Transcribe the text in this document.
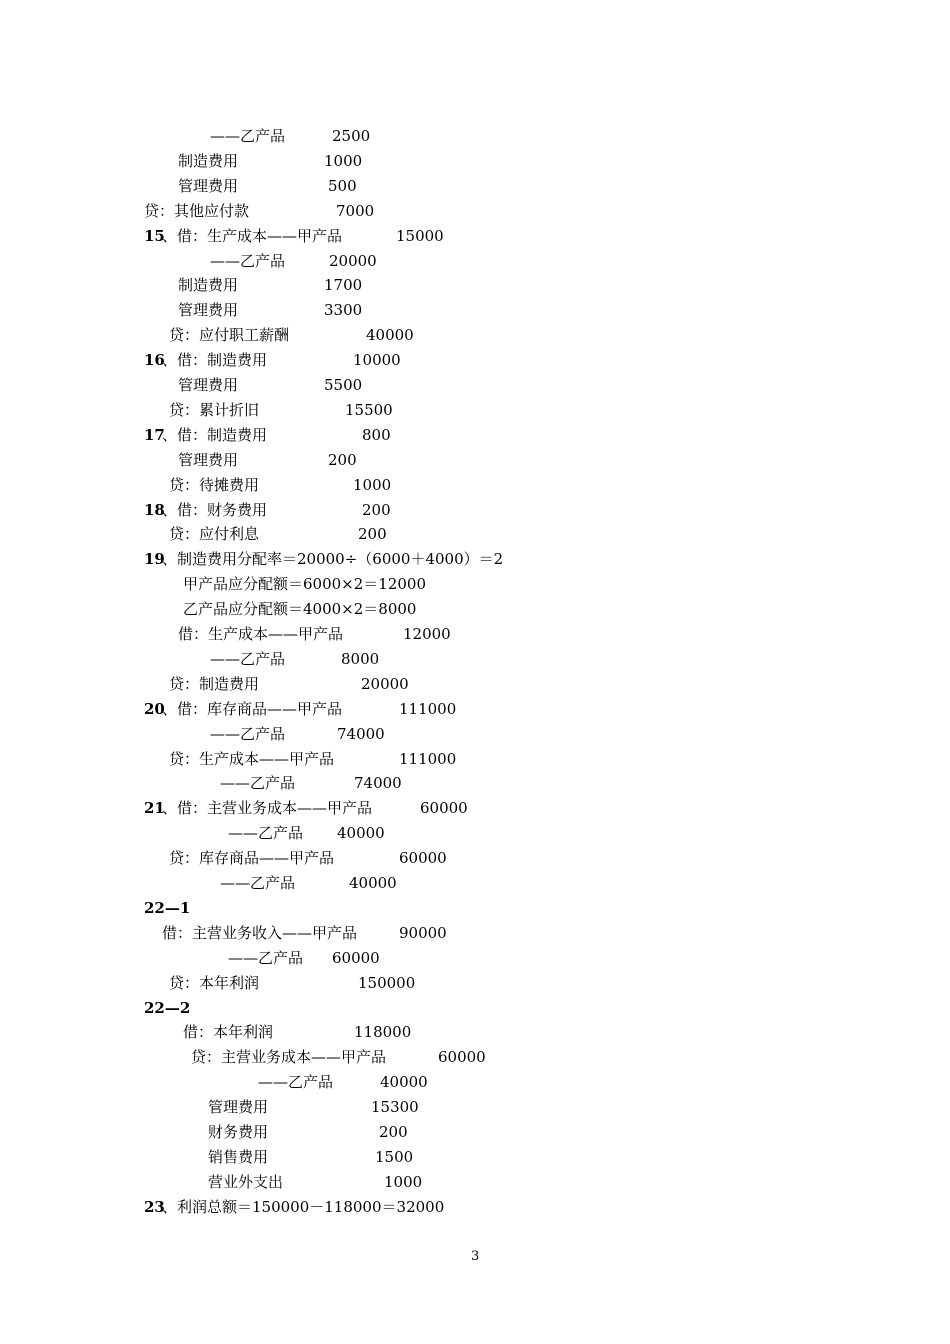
——乙产品	2500
制造费用	1000
管理费用	500
贷：其他应付款	7000
15
、借：生产成本——甲产品	15000
——乙产品	20000
制造费用	1700
管理费用	3300
贷：应付职工薪酬	40000
16
、借：制造费用	10000
管理费用	5500
贷：累计折旧	15500
17
、借：制造费用	800
管理费用	200
贷：待摊费用	1000
18
、借：财务费用	200
贷：应付利息	200
19
、制造费用分配率＝20000÷（6000＋4000）＝2
甲产品应分配额＝6000×2＝12000
乙产品应分配额＝4000×2＝8000
借：生产成本——甲产品	12000
——乙产品	8000
贷：制造费用	20000
20
、借：库存商品——甲产品	111000
——乙产品	74000
贷：生产成本——甲产品	111000
——乙产品	74000
21
、借：主营业务成本——甲产品	60000
——乙产品 40000
贷：库存商品——甲产品	60000
——乙产品	40000
22—1
借：主营业务收入——甲产品	90000
——乙产品 60000
贷：本年利润	150000
22—2
借：本年利润	118000
贷：主营业务成本——甲产品	60000
——乙产品	40000
管理费用	15300
财务费用	200
销售费用	1500
营业外支出	1000
23
、利润总额＝150000－118000＝32000
3
